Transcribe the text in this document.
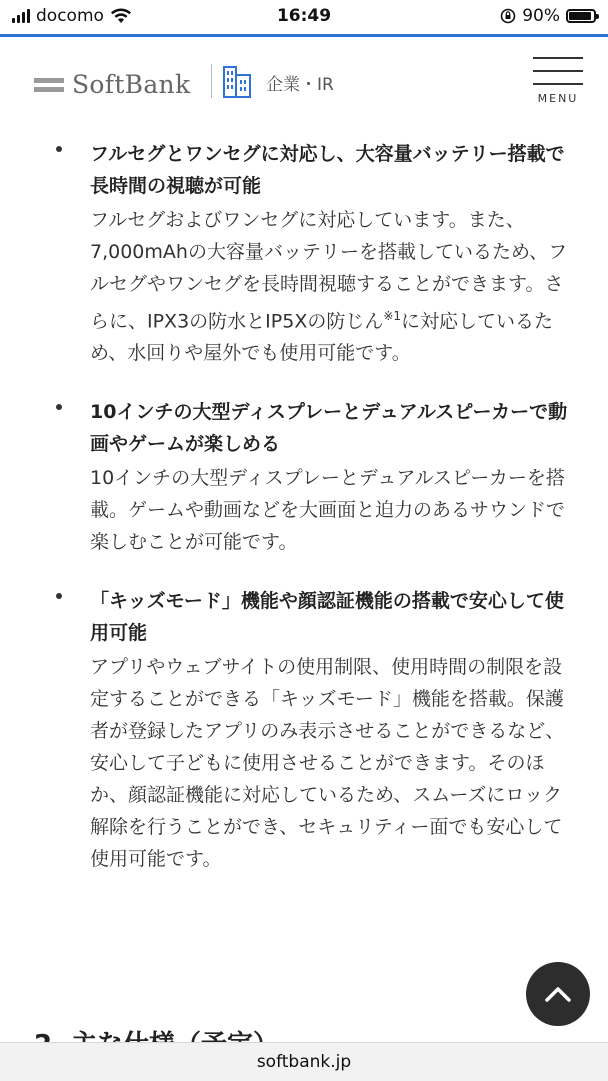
docomo	16:49	90%
SoftBank	企業・IR
MENU

フルセグとワンセグに対応し、大容量バッテリー搭載で長時間の視聴が可能

フルセグおよびワンセグに対応しています。また、7,000mAhの大容量バッテリーを搭載しているため、フルセグやワンセグを長時間視聴することができます。さらに、IPX3の防水とIP5Xの防じん$^{※1}$に対応しているため、水回りや屋外でも使用可能です。

10インチの大型ディスプレーとデュアルスピーカーで動画やゲームが楽しめる

10インチの大型ディスプレーとデュアルスピーカーを搭載。ゲームや動画などを大画面と迫力のあるサウンドで楽しむことが可能です。

「キッズモード」機能や顔認証機能の搭載で安心して使用可能

アプリやウェブサイトの使用制限、使用時間の制限を設定することができる「キッズモード」機能を搭載。保護者が登録したアプリのみ表示させることができるなど、安心して子どもに使用させることができます。そのほか、顔認証機能に対応しているため、スムーズにロック解除を行うことができ、セキュリティー面でも安心して使用可能です。

softbank.jp
